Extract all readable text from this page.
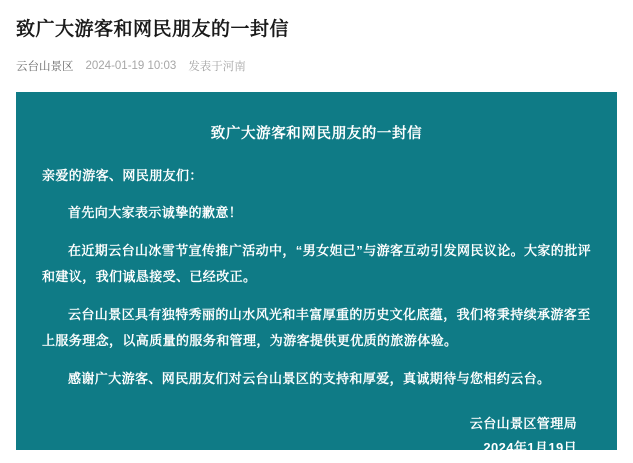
致广大游客和网民朋友的一封信
云台山景区 2024-01-19 10:03 发表于河南
致广大游客和网民朋友的一封信
亲爱的游客、网民朋友们：
首先向大家表示诚挚的歉意！
在近期云台山冰雪节宣传推广活动中，“男女妲己”与游客互动引发网民议论。大家的批评和建议，我们诚恳接受、已经改正。
云台山景区具有独特秀丽的山水风光和丰富厚重的历史文化底蕴，我们将秉持续承游客至上服务理念，以高质量的服务和管理，为游客提供更优质的旅游体验。
感谢广大游客、网民朋友们对云台山景区的支持和厚爱，真诚期待与您相约云台。
云台山景区管理局
2024年1月19日
